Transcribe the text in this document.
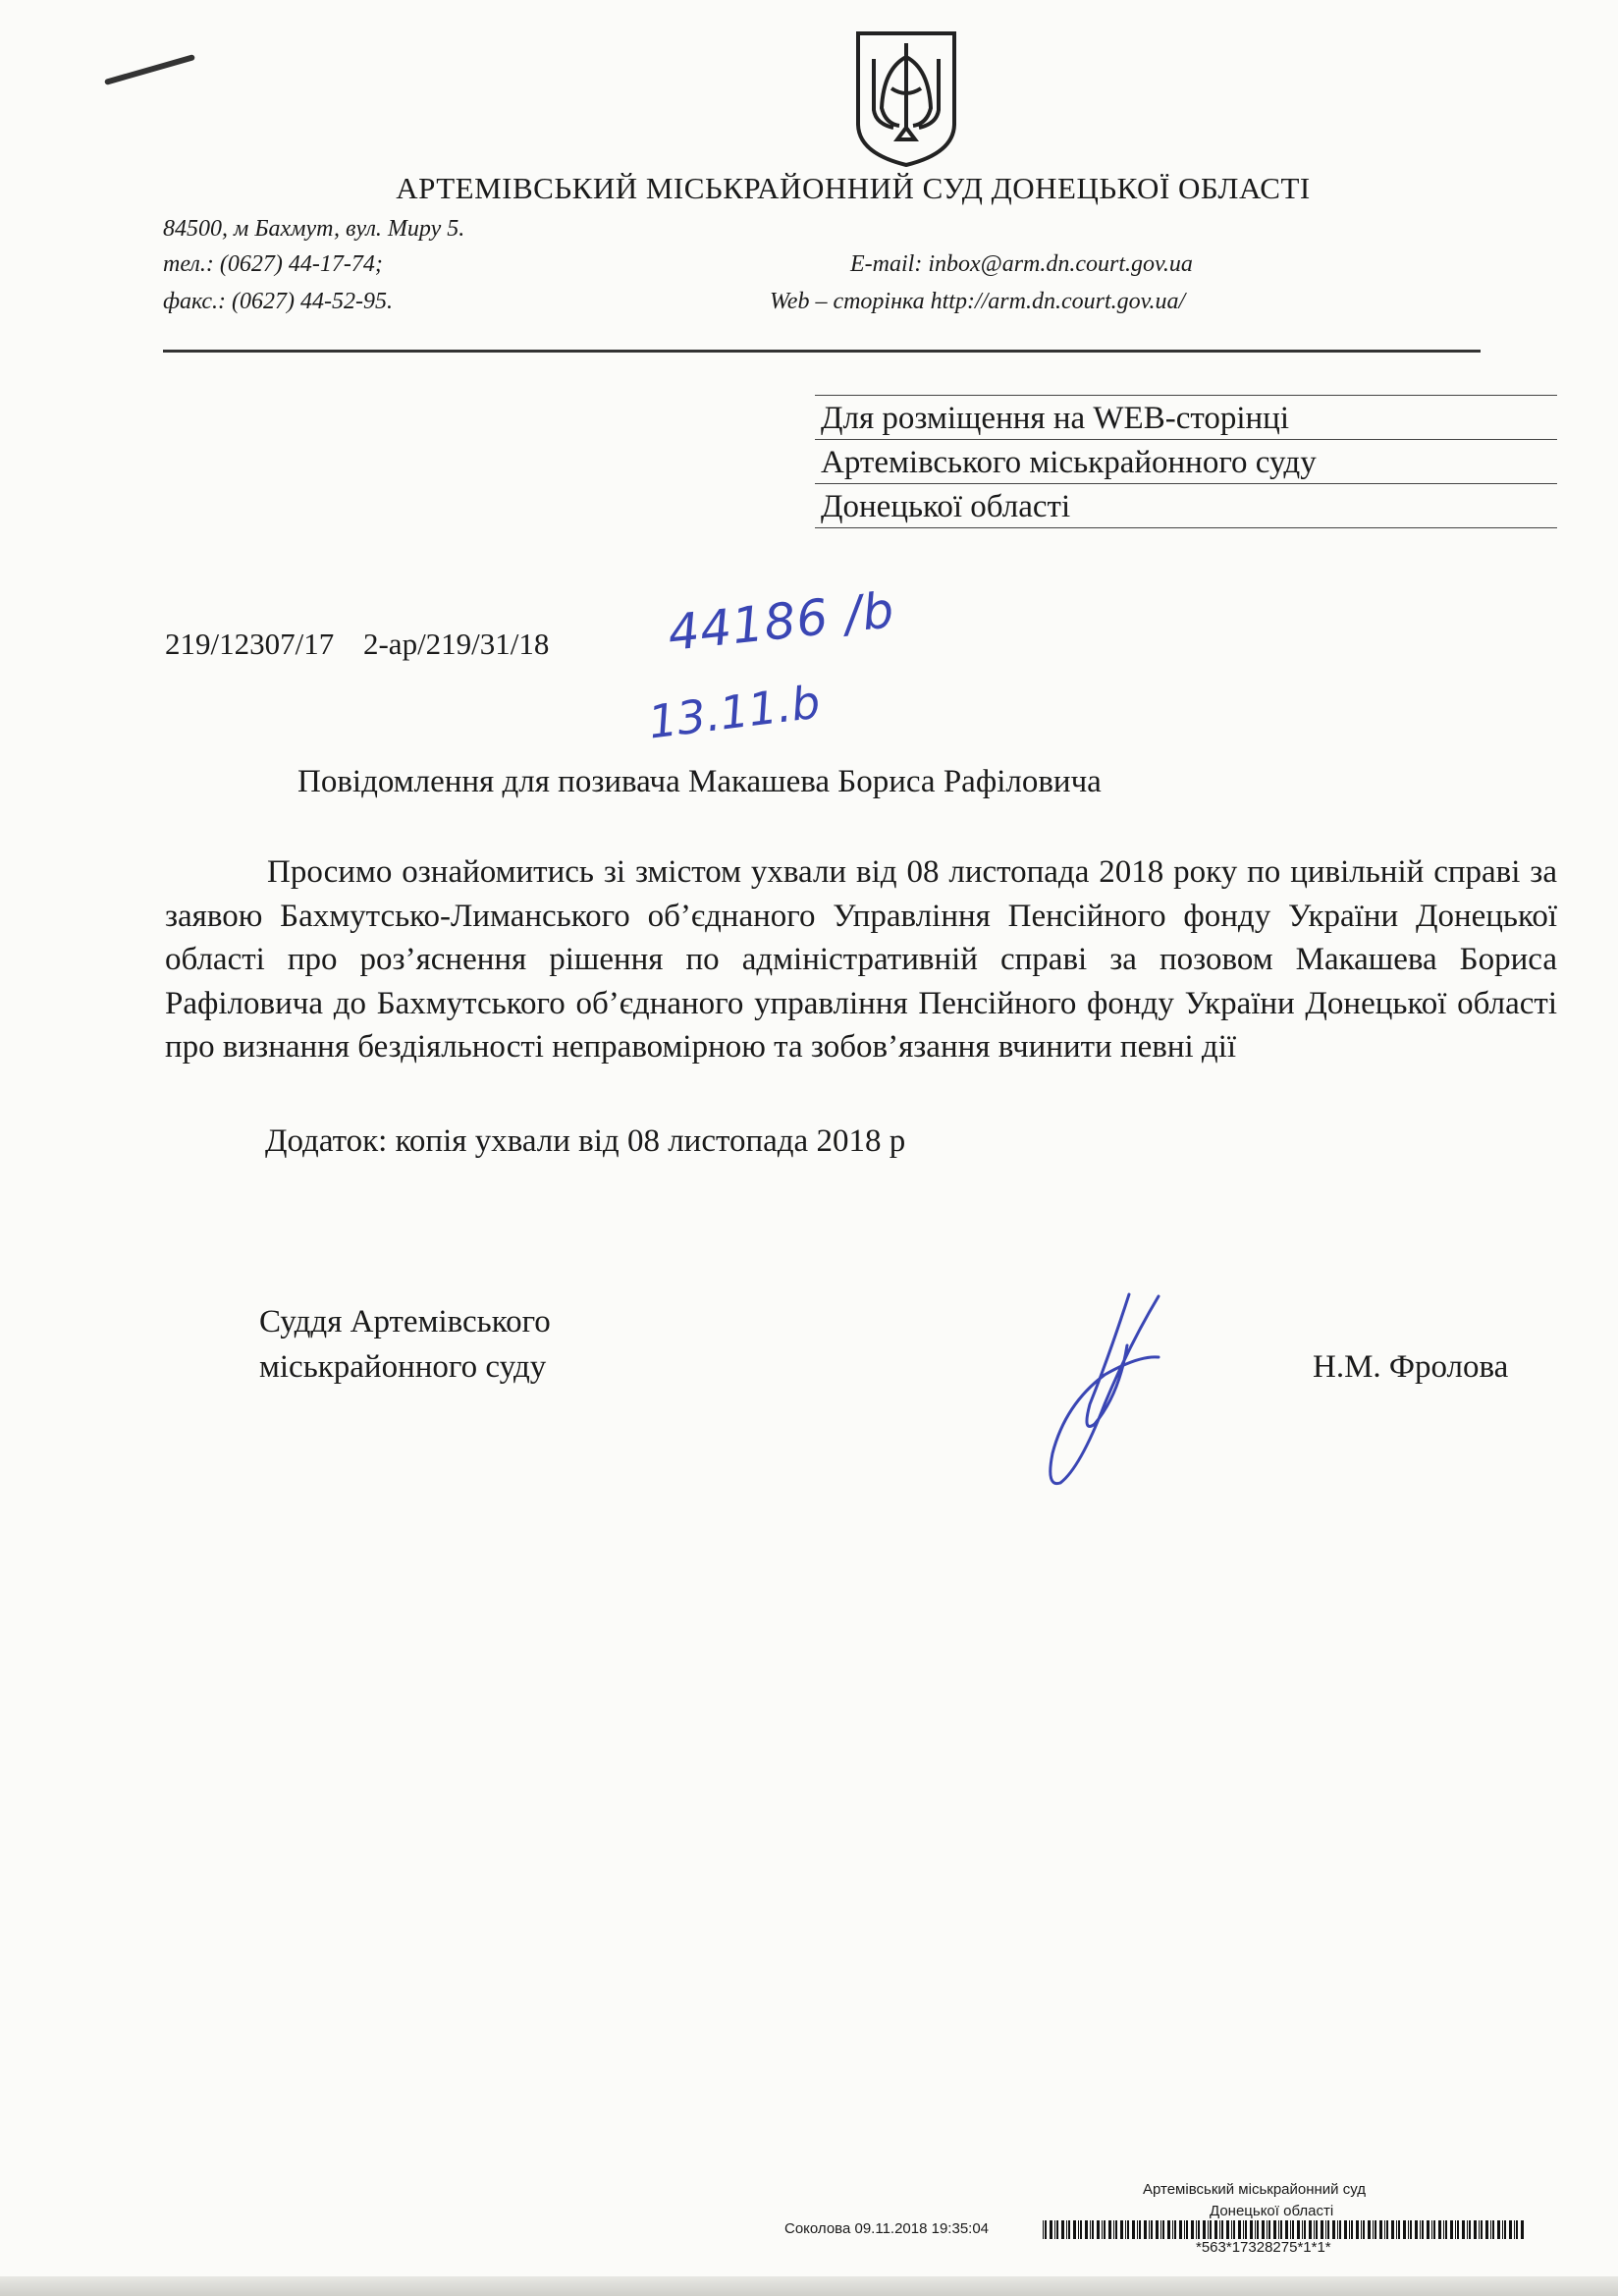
АРТЕМІВСЬКИЙ МІСЬКРАЙОННИЙ СУД ДОНЕЦЬКОЇ ОБЛАСТІ
84500, м Бахмут, вул. Миру 5.
тел.: (0627) 44-17-74;
факс.: (0627) 44-52-95.
E-mail: inbox@arm.dn.court.gov.ua
Web – сторінка http://arm.dn.court.gov.ua/
Для розміщення на WEB-сторінці
Артемівського міськрайонного суду
Донецької області
219/12307/17 2-ар/219/31/18 44186 /b
13.11.b
Повідомлення для позивача Макашева Бориса Рафіловича

Просимо ознайомитись зі змістом ухвали від 08 листопада 2018 року по цивільній справі за заявою Бахмутсько-Лиманського об’єднаного Управління Пенсійного фонду України Донецької області про роз’яснення рішення по адміністративній справі за позовом Макашева Бориса Рафіловича до Бахмутського об’єднаного управління Пенсійного фонду України Донецької області про визнання бездіяльності неправомірною та зобов’язання вчинити певні дії

Додаток: копія ухвали від 08 листопада 2018 р
Суддя Артемівського
міськрайонного суду	Н.М. Фролова
Артемівський міськрайонний суд
Донецької області
Соколова 09.11.2018 19:35:04
*563*17328275*1*1*
